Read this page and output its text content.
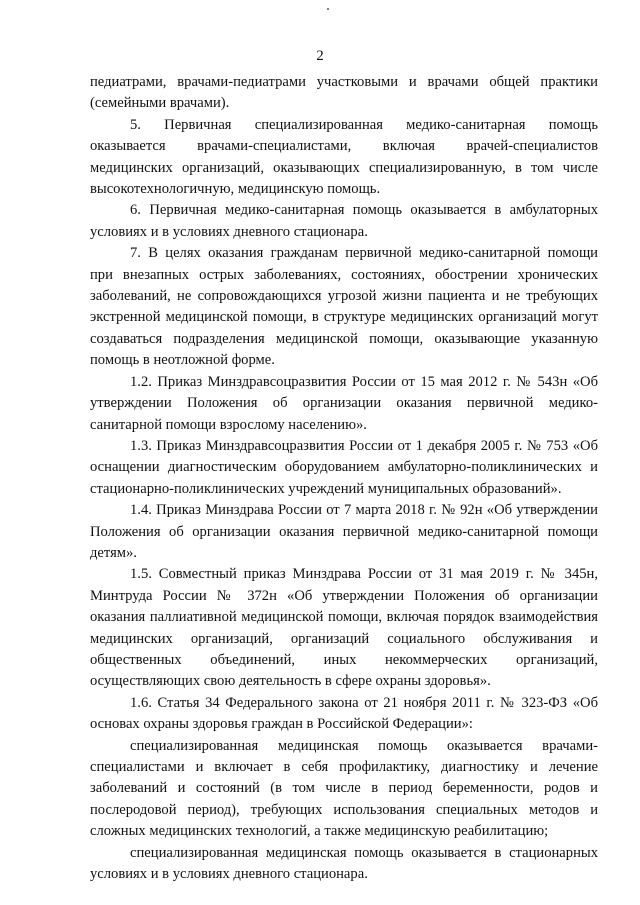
2

педиатрами, врачами-педиатрами участковыми и врачами общей практики (семейными врачами).

5. Первичная специализированная медико-санитарная помощь оказывается врачами-специалистами, включая врачей-специалистов медицинских организаций, оказывающих специализированную, в том числе высокотехнологичную, медицинскую помощь.

6. Первичная медико-санитарная помощь оказывается в амбулаторных условиях и в условиях дневного стационара.

7. В целях оказания гражданам первичной медико-санитарной помощи при внезапных острых заболеваниях, состояниях, обострении хронических заболеваний, не сопровождающихся угрозой жизни пациента и не требующих экстренной медицинской помощи, в структуре медицинских организаций могут создаваться подразделения медицинской помощи, оказывающие указанную помощь в неотложной форме.

1.2. Приказ Минздравсоцразвития России от 15 мая 2012 г. № 543н «Об утверждении Положения об организации оказания первичной медико-санитарной помощи взрослому населению».

1.3. Приказ Минздравсоцразвития России от 1 декабря 2005 г. № 753 «Об оснащении диагностическим оборудованием амбулаторно-поликлинических и стационарно-поликлинических учреждений муниципальных образований».

1.4. Приказ Минздрава России от 7 марта 2018 г. № 92н «Об утверждении Положения об организации оказания первичной медико-санитарной помощи детям».

1.5. Совместный приказ Минздрава России от 31 мая 2019 г. № 345н, Минтруда России № 372н «Об утверждении Положения об организации оказания паллиативной медицинской помощи, включая порядок взаимодействия медицинских организаций, организаций социального обслуживания и общественных объединений, иных некоммерческих организаций, осуществляющих свою деятельность в сфере охраны здоровья».

1.6. Статья 34 Федерального закона от 21 ноября 2011 г. № 323-ФЗ «Об основах охраны здоровья граждан в Российской Федерации»:

специализированная медицинская помощь оказывается врачами-специалистами и включает в себя профилактику, диагностику и лечение заболеваний и состояний (в том числе в период беременности, родов и послеродовой период), требующих использования специальных методов и сложных медицинских технологий, а также медицинскую реабилитацию;

специализированная медицинская помощь оказывается в стационарных условиях и в условиях дневного стационара.
